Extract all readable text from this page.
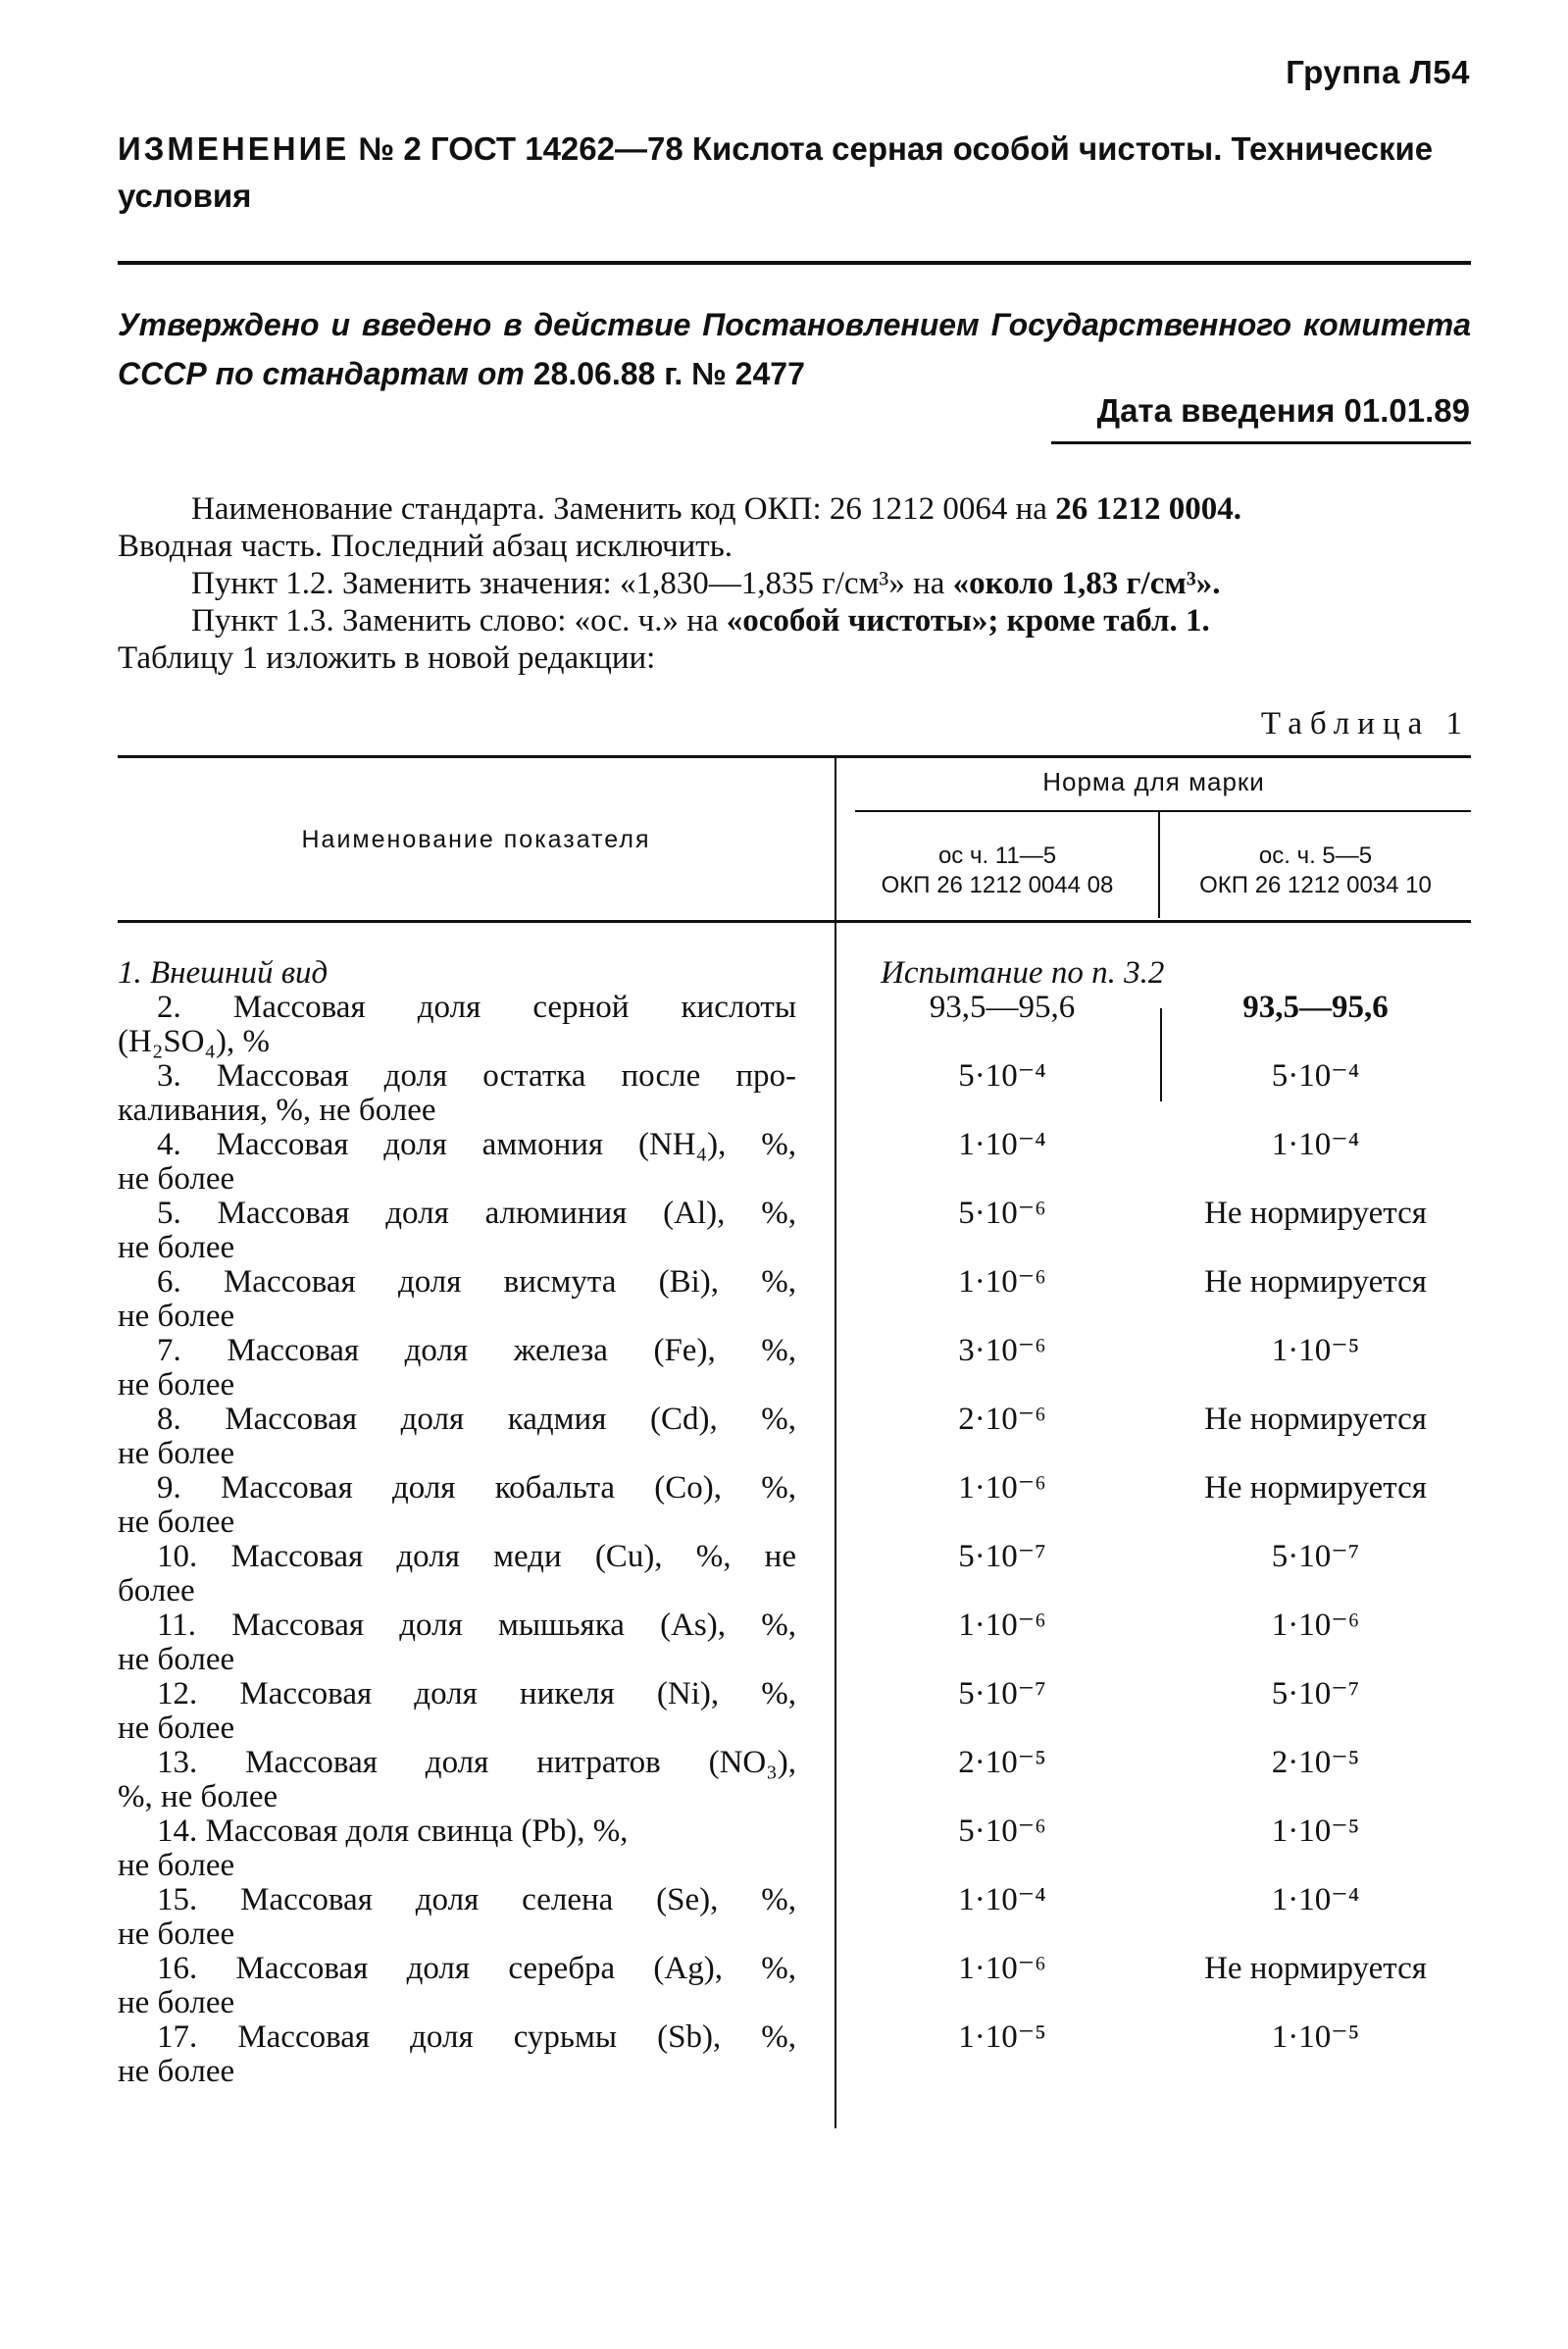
Группа Л54
ИЗМЕНЕНИЕ № 2 ГОСТ 14262—78 Кислота серная особой чистоты. Технические условия
Утверждено и введено в действие Постановлением Государственного комитета СССР по стандартам от 28.06.88 г. № 2477
Дата введения 01.01.89

Наименование стандарта. Заменить код ОКП: 26 1212 0064 на 26 1212 0004.

Вводная часть. Последний абзац исключить.

Пункт 1.2. Заменить значения: «1,830—1,835 г/см³» на «около 1,83 г/см³».

Пункт 1.3. Заменить слово: «ос. ч.» на «особой чистоты»; кроме табл. 1.

Таблицу 1 изложить в новой редакции:

Таблица 1
Норма для марки
Наименование показателя
ос ч. 11—5
ОКП 26 1212 0044 08
ос. ч. 5—5
ОКП 26 1212 0034 10
1. Внешний вид	Испытание по п. 3.2
2. Массовая доля серной кислоты
(H₂SO₄), %
93,5—95,6	93,5—95,6
3. Массовая доля остатка после про-
каливания, %, не более
5·10⁻⁴	5·10⁻⁴
4. Массовая доля аммония (NH₄), %,
не более
1·10⁻⁴	1·10⁻⁴
5. Массовая доля алюминия (Al), %,
не более
5·10⁻⁶	Не нормируется
6. Массовая доля висмута (Bi), %,
не более
1·10⁻⁶	Не нормируется
7. Массовая доля железа (Fe), %,
не более
3·10⁻⁶	1·10⁻⁵
8. Массовая доля кадмия (Cd), %,
не более
2·10⁻⁶	Не нормируется
9. Массовая доля кобальта (Co), %,
не более
1·10⁻⁶	Не нормируется
10. Массовая доля меди (Cu), %, не
более
5·10⁻⁷	5·10⁻⁷
11. Массовая доля мышьяка (As), %,
не более
1·10⁻⁶	1·10⁻⁶
12. Массовая доля никеля (Ni), %,
не более
5·10⁻⁷	5·10⁻⁷
13. Массовая доля нитратов (NO₃),
%, не более
2·10⁻⁵	2·10⁻⁵
14. Массовая доля свинца (Pb), %,
не более
5·10⁻⁶	1·10⁻⁵
15. Массовая доля селена (Se), %,
не более
1·10⁻⁴	1·10⁻⁴
16. Массовая доля серебра (Ag), %,
не более
1·10⁻⁶	Не нормируется
17. Массовая доля сурьмы (Sb), %,
не более
1·10⁻⁵	1·10⁻⁵
